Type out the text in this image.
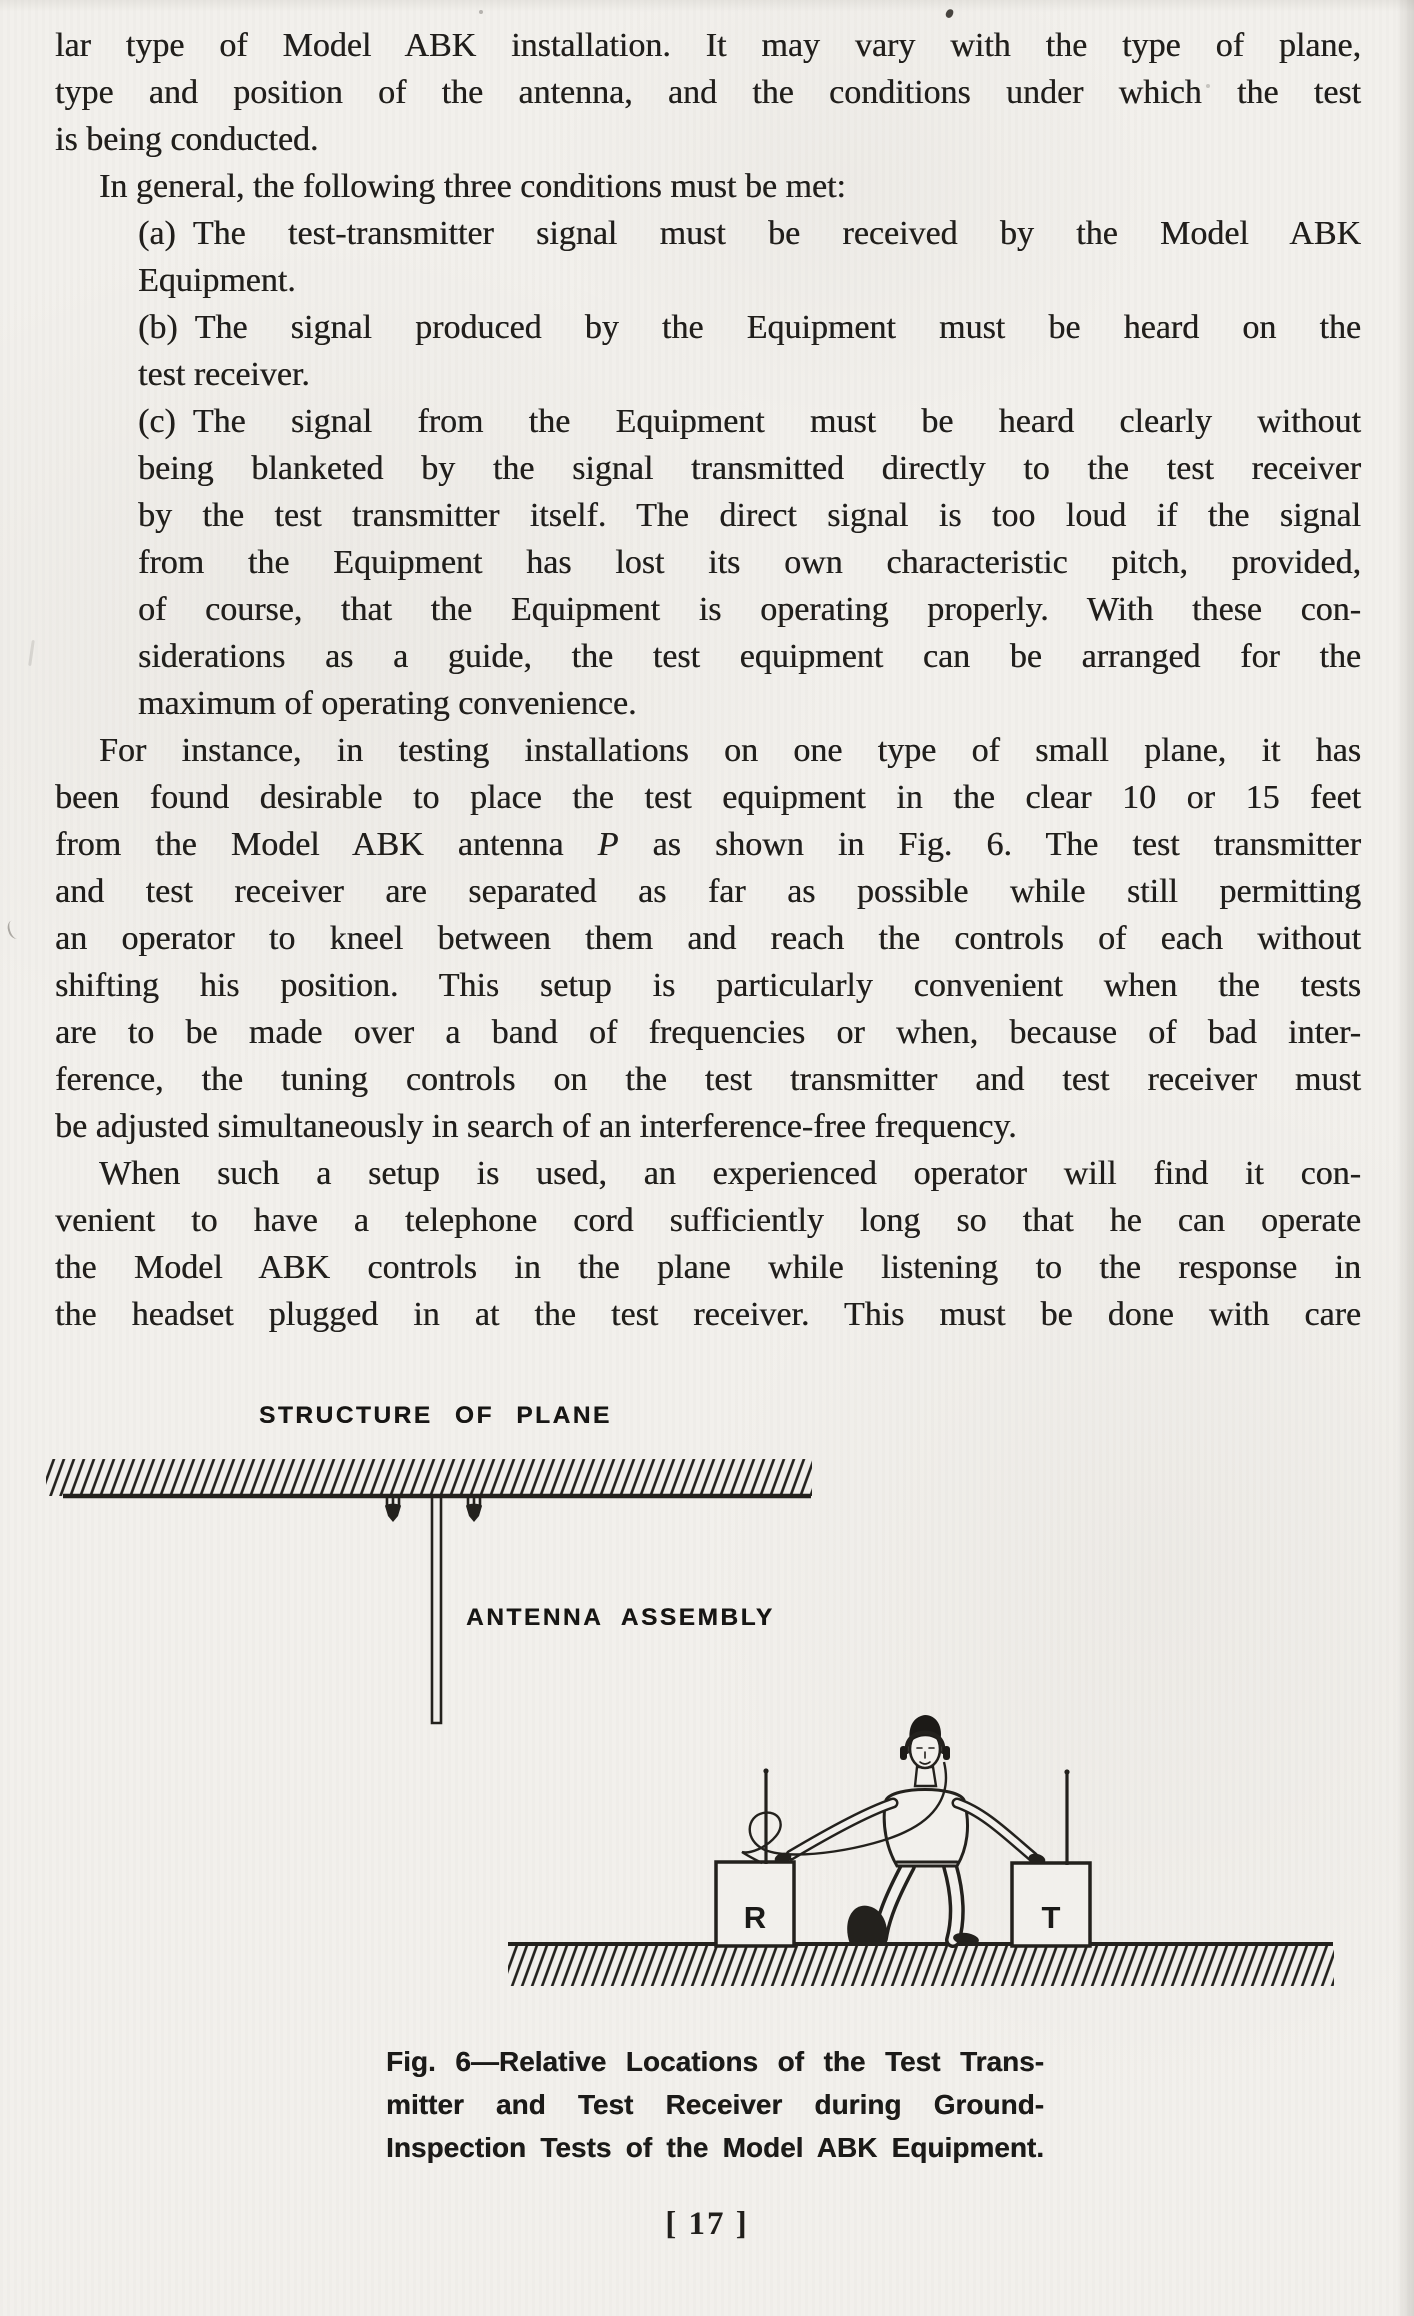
lar type of Model ABK installation. It may vary with the type of plane,
type and position of the antenna, and the conditions under which the test
is being conducted.
In general, the following three conditions must be met:
(a) The test-transmitter signal must be received by the Model ABK
Equipment.
(b) The signal produced by the Equipment must be heard on the
test receiver.
(c) The signal from the Equipment must be heard clearly without
being blanketed by the signal transmitted directly to the test receiver
by the test transmitter itself. The direct signal is too loud if the signal
from the Equipment has lost its own characteristic pitch, provided,
of course, that the Equipment is operating properly. With these con-
siderations as a guide, the test equipment can be arranged for the
maximum of operating convenience.
For instance, in testing installations on one type of small plane, it has
been found desirable to place the test equipment in the clear 10 or 15 feet
from the Model ABK antenna P as shown in Fig. 6. The test transmitter
and test receiver are separated as far as possible while still permitting
an operator to kneel between them and reach the controls of each without
shifting his position. This setup is particularly convenient when the tests
are to be made over a band of frequencies or when, because of bad inter-
ference, the tuning controls on the test transmitter and test receiver must
be adjusted simultaneously in search of an interference-free frequency.
When such a setup is used, an experienced operator will find it con-
venient to have a telephone cord sufficiently long so that he can operate
the Model ABK controls in the plane while listening to the response in
the headset plugged in at the test receiver. This must be done with care
STRUCTURE OF PLANE
ANTENNA ASSEMBLY
R	T
Fig. 6—Relative Locations of the Test Trans-
mitter and Test Receiver during Ground-
Inspection Tests of the Model ABK Equipment.
[ 17 ]
